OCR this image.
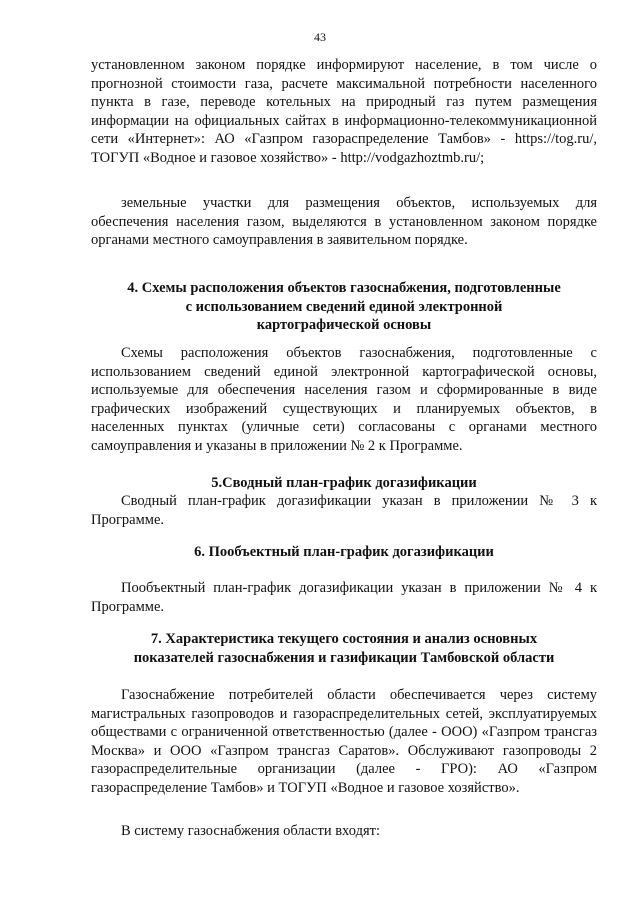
43

установленном законом порядке информируют население, в том числе о прогнозной стоимости газа, расчете максимальной потребности населенного пункта в газе, переводе котельных на природный газ путем размещения информации на официальных сайтах в информационно-телекоммуникационной сети «Интернет»: АО «Газпром газораспределение Тамбов» - https://tog.ru/, ТОГУП «Водное и газовое хозяйство» - http://vodgazhoztmb.ru/;

земельные участки для размещения объектов, используемых для обеспечения населения газом, выделяются в установленном законом порядке органами местного самоуправления в заявительном порядке.

4. Схемы расположения объектов газоснабжения, подготовленные
с использованием сведений единой электронной
картографической основы

Схемы расположения объектов газоснабжения, подготовленные с использованием сведений единой электронной картографической основы, используемые для обеспечения населения газом и сформированные в виде графических изображений существующих и планируемых объектов, в населенных пунктах (уличные сети) согласованы с органами местного самоуправления и указаны в приложении № 2 к Программе.

5.Сводный план-график догазификации

Сводный план-график догазификации указан в приложении № 3 к Программе.

6. Пообъектный план-график догазификации

Пообъектный план-график догазификации указан в приложении № 4 к Программе.

7. Характеристика текущего состояния и анализ основных
показателей газоснабжения и газификации Тамбовской области

Газоснабжение потребителей области обеспечивается через систему магистральных газопроводов и газораспределительных сетей, эксплуатируемых обществами с ограниченной ответственностью (далее - ООО) «Газпром трансгаз Москва» и ООО «Газпром трансгаз Саратов». Обслуживают газопроводы 2 газораспределительные организации (далее - ГРО): АО «Газпром газораспределение Тамбов» и ТОГУП «Водное и газовое хозяйство».

В систему газоснабжения области входят:
